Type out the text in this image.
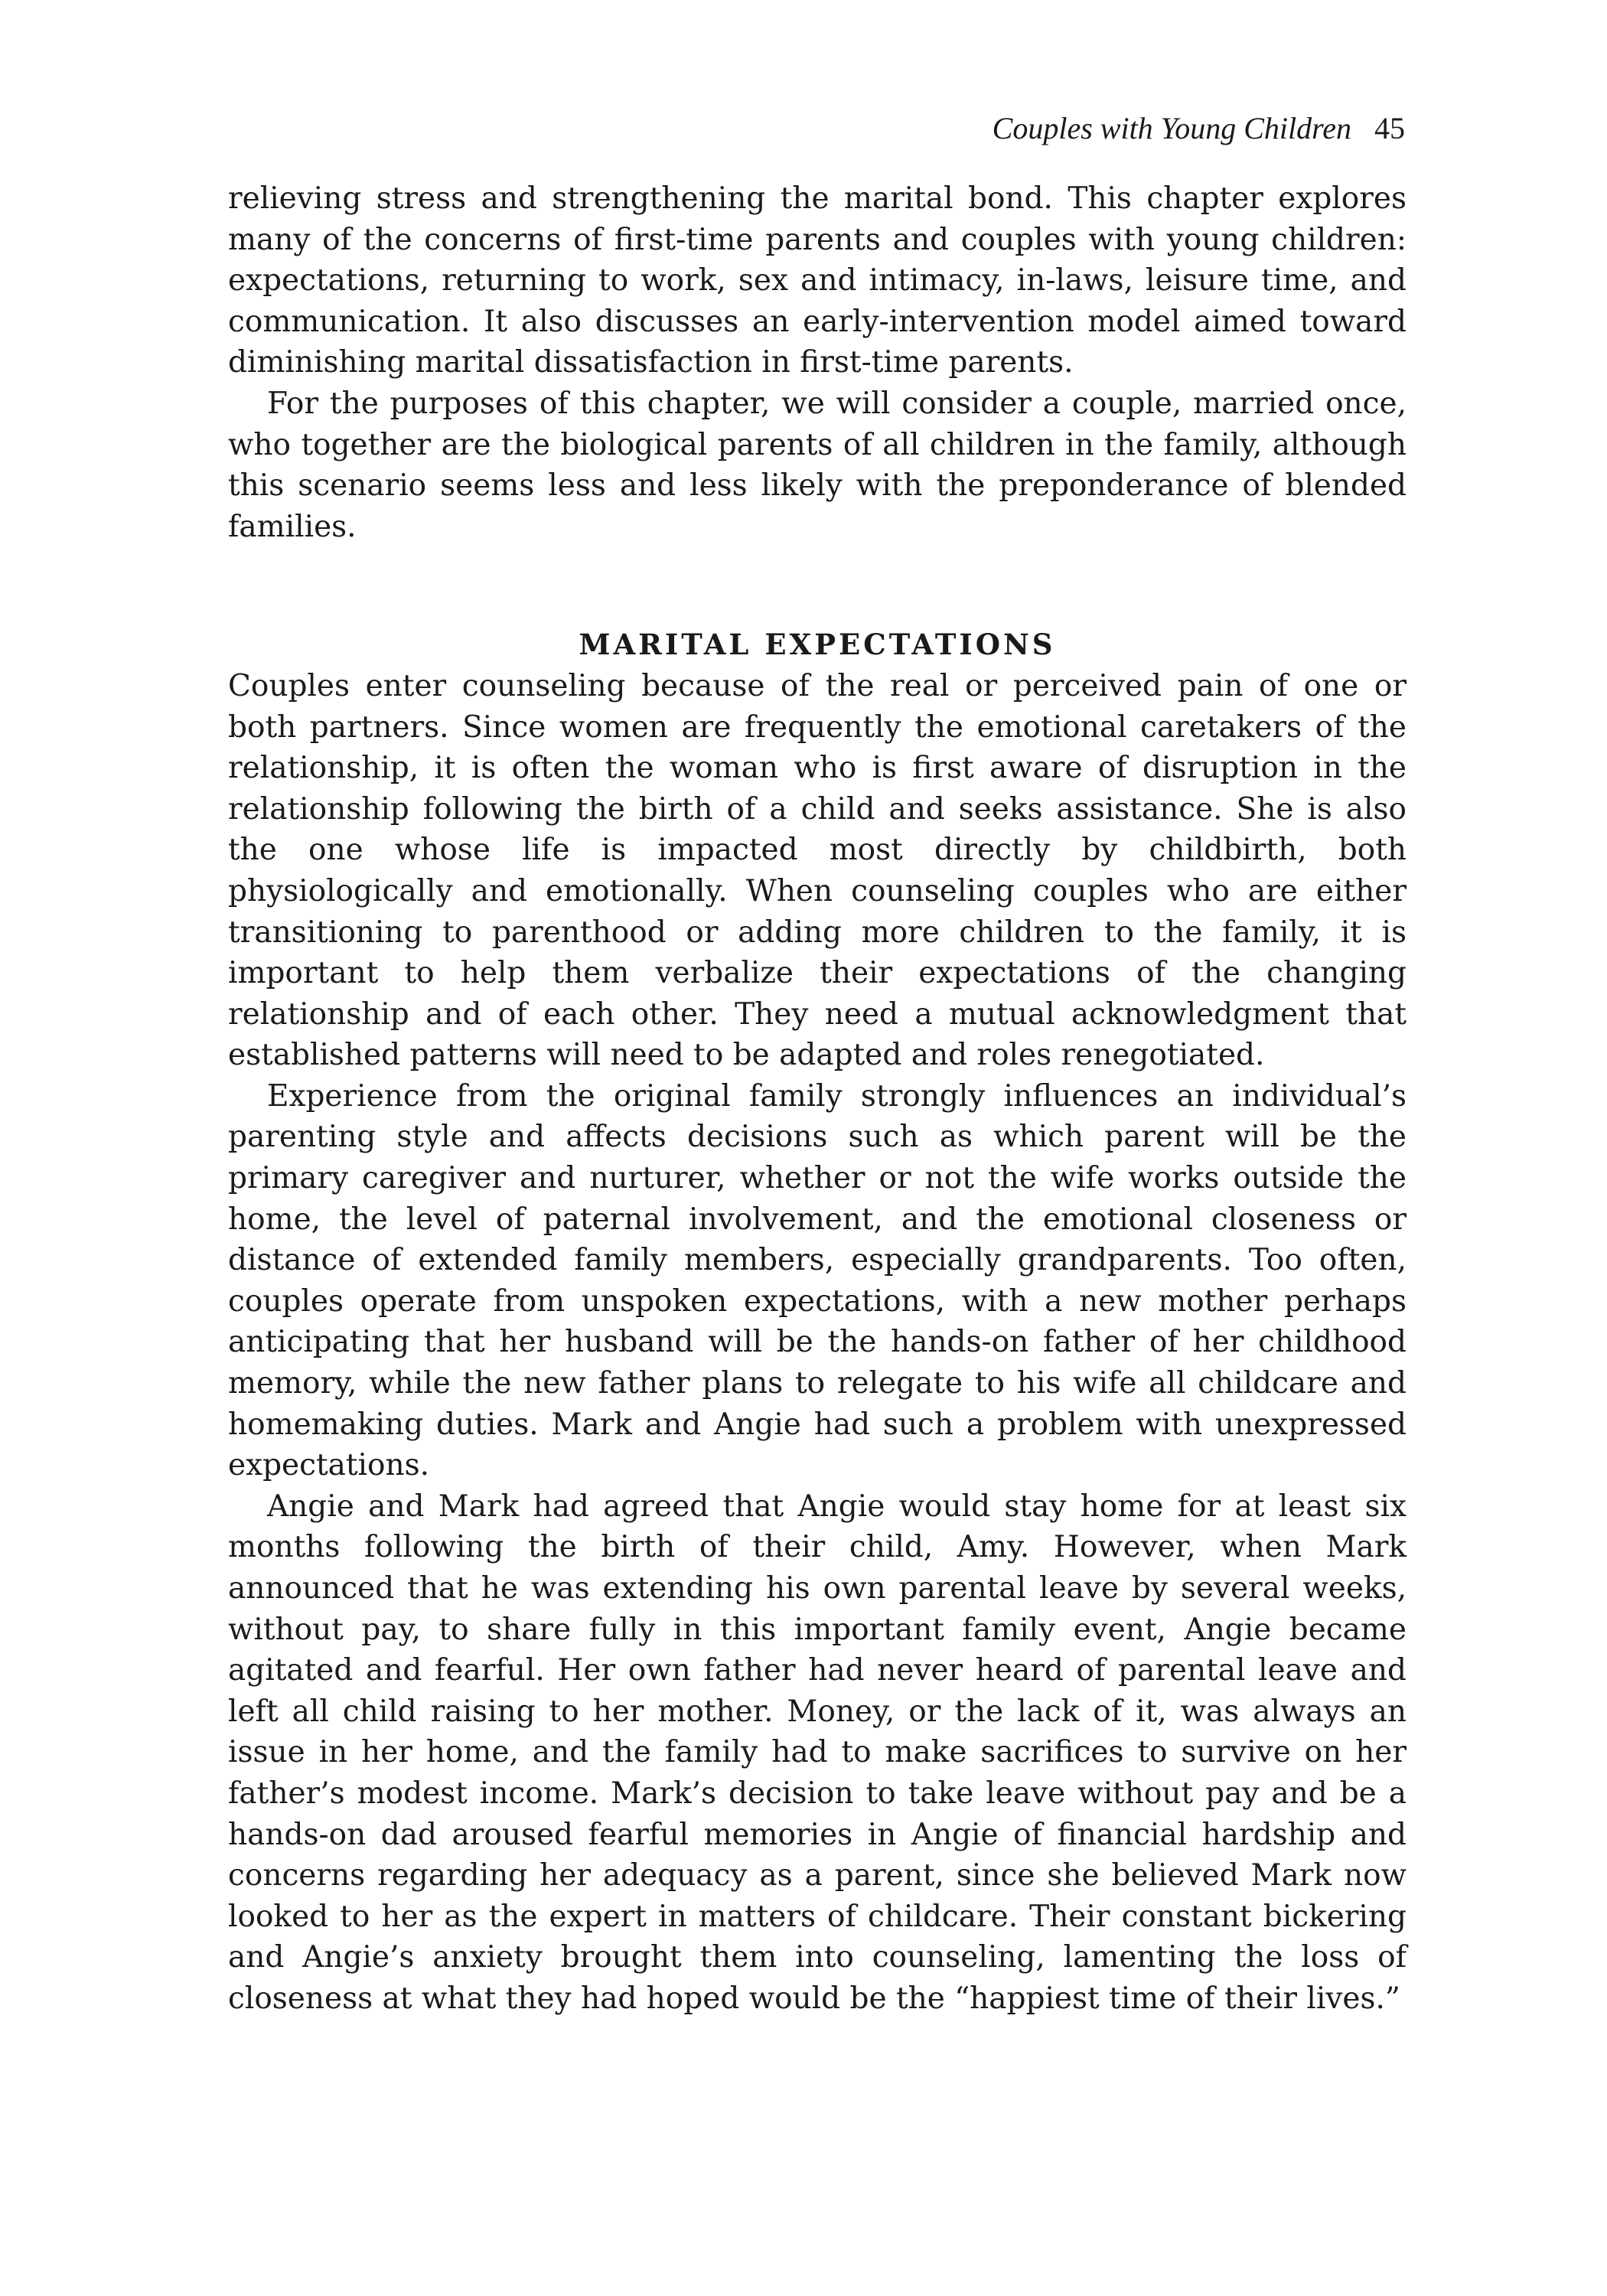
Couples with Young Children 45

relieving stress and strengthening the marital bond. This chapter explores many of the concerns of first-time parents and couples with young children: expectations, returning to work, sex and intimacy, in-laws, leisure time, and communication. It also discusses an early-intervention model aimed toward diminishing marital dissatisfaction in first-time parents.

For the purposes of this chapter, we will consider a couple, married once, who together are the biological parents of all children in the family, although this scenario seems less and less likely with the preponderance of blended families.

MARITAL EXPECTATIONS

Couples enter counseling because of the real or perceived pain of one or both partners. Since women are frequently the emotional caretakers of the relationship, it is often the woman who is first aware of disruption in the relationship following the birth of a child and seeks assistance. She is also the one whose life is impacted most directly by childbirth, both physiologically and emotionally. When counseling couples who are either transitioning to parenthood or adding more children to the family, it is important to help them verbalize their expectations of the changing relationship and of each other. They need a mutual acknowledgment that established patterns will need to be adapted and roles renegotiated.

Experience from the original family strongly influences an individual’s parenting style and affects decisions such as which parent will be the primary caregiver and nurturer, whether or not the wife works outside the home, the level of paternal involvement, and the emotional closeness or distance of extended family members, especially grandparents. Too often, couples operate from unspoken expectations, with a new mother perhaps anticipating that her husband will be the hands-on father of her childhood memory, while the new father plans to relegate to his wife all childcare and homemaking duties. Mark and Angie had such a problem with unexpressed expectations.

Angie and Mark had agreed that Angie would stay home for at least six months following the birth of their child, Amy. However, when Mark announced that he was extending his own parental leave by several weeks, without pay, to share fully in this important family event, Angie became agitated and fearful. Her own father had never heard of parental leave and left all child raising to her mother. Money, or the lack of it, was always an issue in her home, and the family had to make sacrifices to survive on her father’s modest income. Mark’s decision to take leave without pay and be a hands-on dad aroused fearful memories in Angie of financial hardship and concerns regarding her adequacy as a parent, since she believed Mark now looked to her as the expert in matters of childcare. Their constant bickering and Angie’s anxiety brought them into counseling, lamenting the loss of closeness at what they had hoped would be the “happiest time of their lives.”
